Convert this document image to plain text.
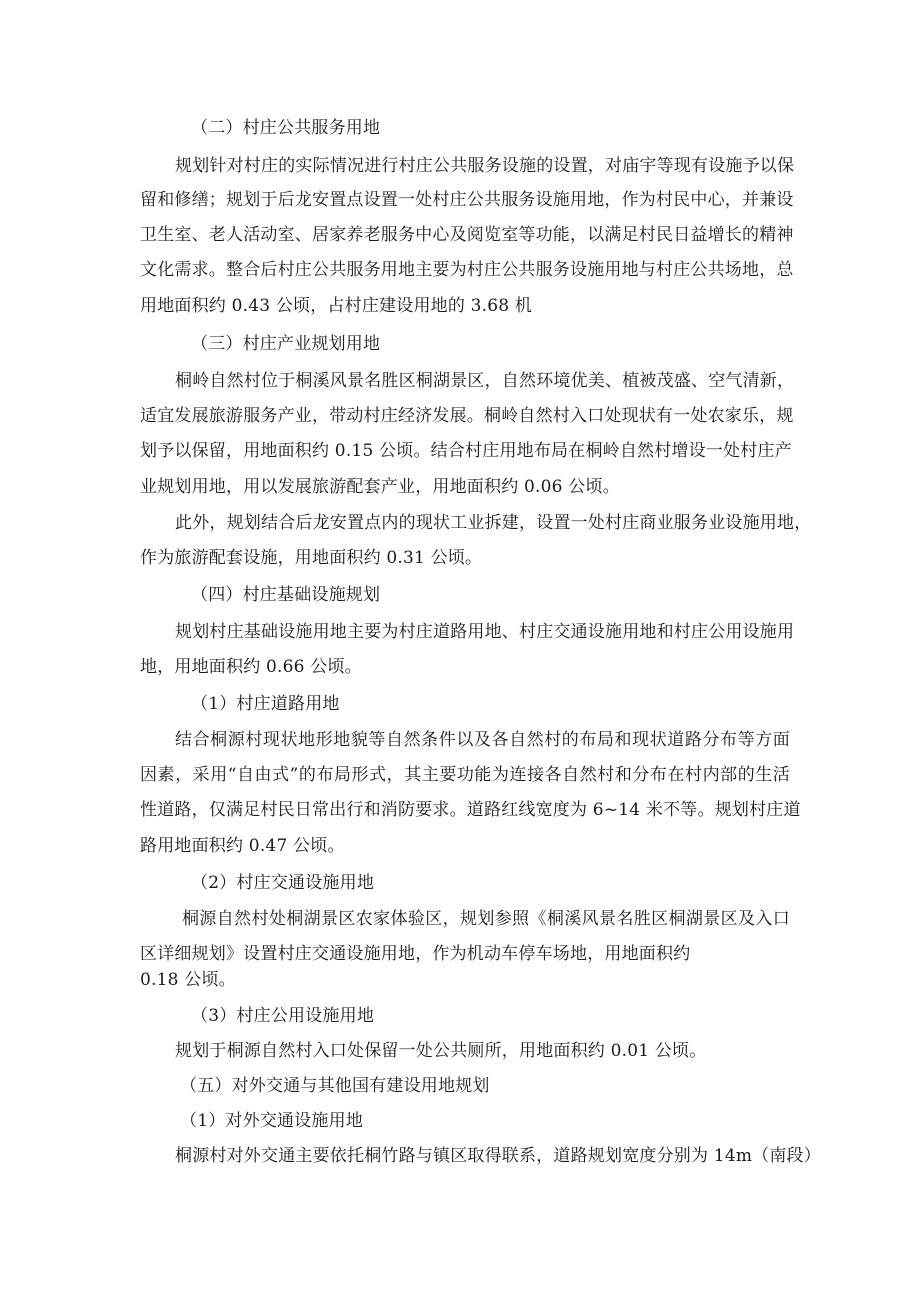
（二）村庄公共服务用地
规划针对村庄的实际情况进行村庄公共服务设施的设置，对庙宇等现有设施予以保
留和修缮；规划于后龙安置点设置一处村庄公共服务设施用地，作为村民中心，并兼设
卫生室、老人活动室、居家养老服务中心及阅览室等功能，以满足村民日益增长的精神
文化需求。整合后村庄公共服务用地主要为村庄公共服务设施用地与村庄公共场地，总
用地面积约 0.43 公顷，占村庄建设用地的 3.68 机
（三）村庄产业规划用地
桐岭自然村位于桐溪风景名胜区桐湖景区，自然环境优美、植被茂盛、空气清新，
适宜发展旅游服务产业，带动村庄经济发展。桐岭自然村入口处现状有一处农家乐，规
划予以保留，用地面积约 0.15 公顷。结合村庄用地布局在桐岭自然村增设一处村庄产
业规划用地，用以发展旅游配套产业，用地面积约 0.06 公顷。
此外，规划结合后龙安置点内的现状工业拆建，设置一处村庄商业服务业设施用地，
作为旅游配套设施，用地面积约 0.31 公顷。
（四）村庄基础设施规划
规划村庄基础设施用地主要为村庄道路用地、村庄交通设施用地和村庄公用设施用
地，用地面积约 0.66 公顷。
（1）村庄道路用地
结合桐源村现状地形地貌等自然条件以及各自然村的布局和现状道路分布等方面
因素，采用“自由式”的布局形式，其主要功能为连接各自然村和分布在村内部的生活
性道路，仅满足村民日常出行和消防要求。道路红线宽度为 6~14 米不等。规划村庄道
路用地面积约 0.47 公顷。
（2）村庄交通设施用地
桐源自然村处桐湖景区农家体验区，规划参照《桐溪风景名胜区桐湖景区及入口
区详细规划》设置村庄交通设施用地，作为机动车停车场地，用地面积约
0.18 公顷。
（3）村庄公用设施用地
规划于桐源自然村入口处保留一处公共厕所，用地面积约 0.01 公顷。
（五）对外交通与其他国有建设用地规划
（1）对外交通设施用地
桐源村对外交通主要依托桐竹路与镇区取得联系，道路规划宽度分别为 14m（南段）
